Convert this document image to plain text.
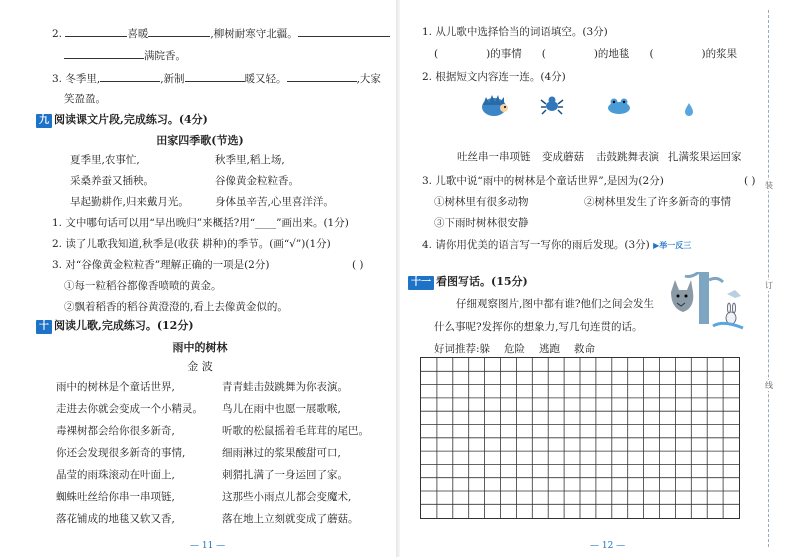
2.	喜暖	,柳树耐寒守北疆。
满院香。
3. 冬季里,	,新制	暖又轻。	,大家
笑盈盈。
九 阅读课文片段,完成练习。(4分)
田家四季歌(节选)
夏季里,农事忙,	秋季里,稻上场,
采桑养蚕又插秧。	谷像黄金粒粒香。
早起勤耕作,归来戴月光。 身体虽辛苦,心里喜洋洋。
1. 文中哪句话可以用“早出晚归”来概括?用“____”画出来。(1分)
2. 读了儿歌我知道,秋季是(收获 耕种)的季节。(画“√”)(1分)
3. 对“谷像黄金粒粒香”理解正确的一项是(2分)	( )
①每一粒稻谷都像香喷喷的黄金。
②飘着稻香的稻谷黄澄澄的,看上去像黄金似的。
十 阅读儿歌,完成练习。(12分)
雨中的树林
金 波
雨中的树林是个童话世界,	青青蛙击鼓跳舞为你表演。
走进去你就会变成一个小精灵。 鸟儿在雨中也愿一展歌喉,
毒裸树都会给你很多新奇,	听歌的松鼠摇着毛茸茸的尾巴。
你还会发现很多新奇的事情,	细雨淋过的浆果酸甜可口,
晶莹的雨珠滚动在叶面上,	刺猬扎满了一身运回了家。
蜘蛛吐丝给你串一串项链,	这那些小雨点儿都会变魔术,
落花铺成的地毯又软又香,	落在地上立刻就变成了蘑菇。
— 11 —
1. 从儿歌中选择恰当的词语填空。(3分)
(	)的事情 (	)的地毯 (	)的浆果
2. 根据短文内容连一连。(4分)
吐丝串一串项链 变成蘑菇 击鼓跳舞表演 扎满浆果运回家
3. 儿歌中说“雨中的树林是个童话世界”,是因为(2分)	( )
①树林里有很多动物	②树林里发生了许多新奇的事情
③下雨时树林很安静
4. 请你用优美的语言写一写你的雨后发现。(3分) ▶举一反三
十一 看图写话。(15分)
仔细观察图片,图中都有谁?他们之间会发生
什么事呢?发挥你的想象力,写几句连贯的话。
好词推荐:躲 危险 逃跑 救命
— 12 —
装
订
线
